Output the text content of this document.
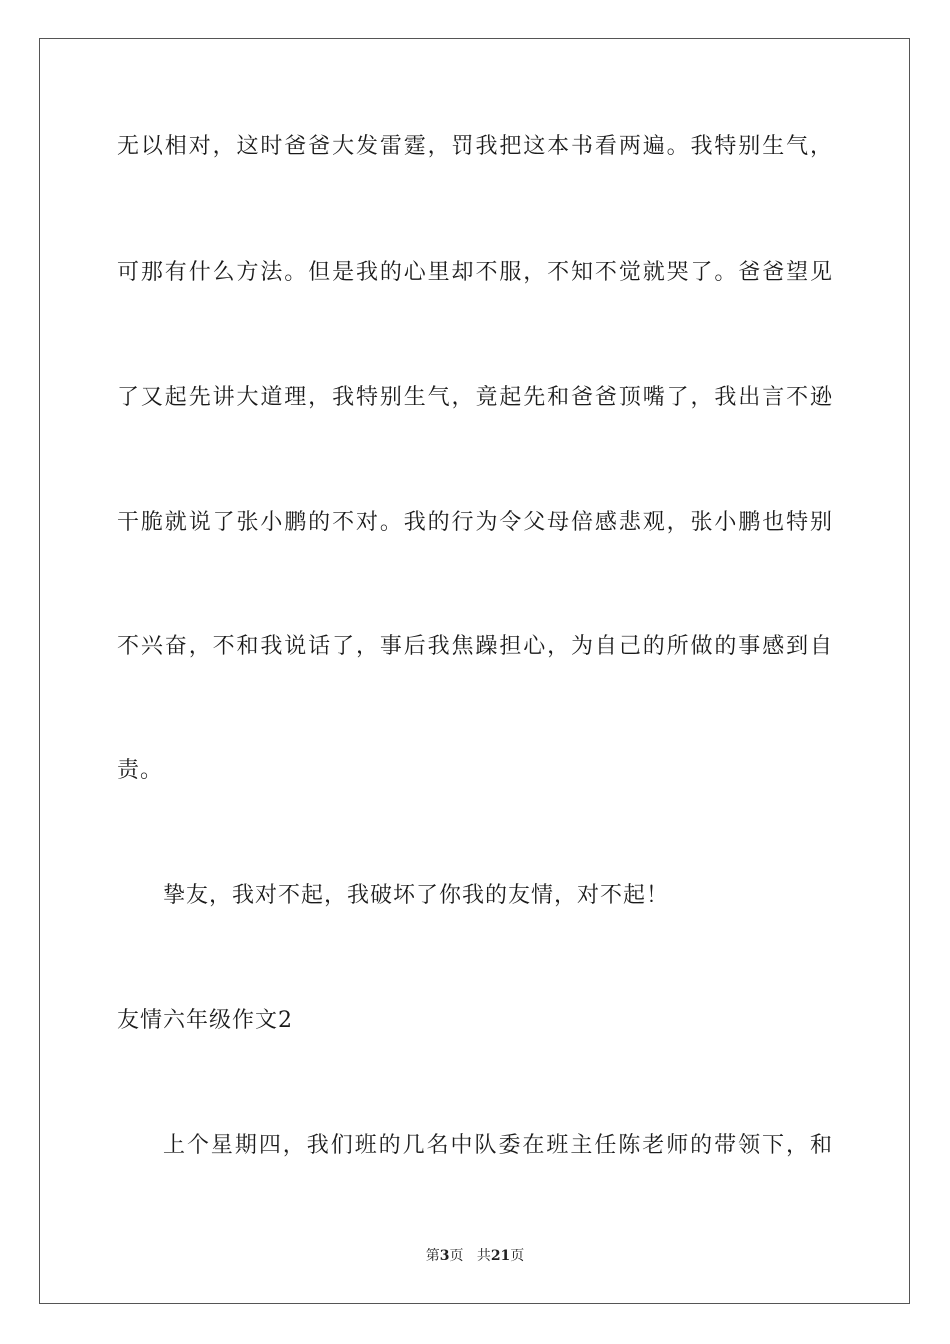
无以相对，这时爸爸大发雷霆，罚我把这本书看两遍。我特别生气，
可那有什么方法。但是我的心里却不服，不知不觉就哭了。爸爸望见
了又起先讲大道理，我特别生气，竟起先和爸爸顶嘴了，我出言不逊
干脆就说了张小鹏的不对。我的行为令父母倍感悲观，张小鹏也特别
不兴奋，不和我说话了，事后我焦躁担心，为自己的所做的事感到自
责。
挚友，我对不起，我破坏了你我的友情，对不起！
友情六年级作文2
上个星期四，我们班的几名中队委在班主任陈老师的带领下，和
第3页 共21页
